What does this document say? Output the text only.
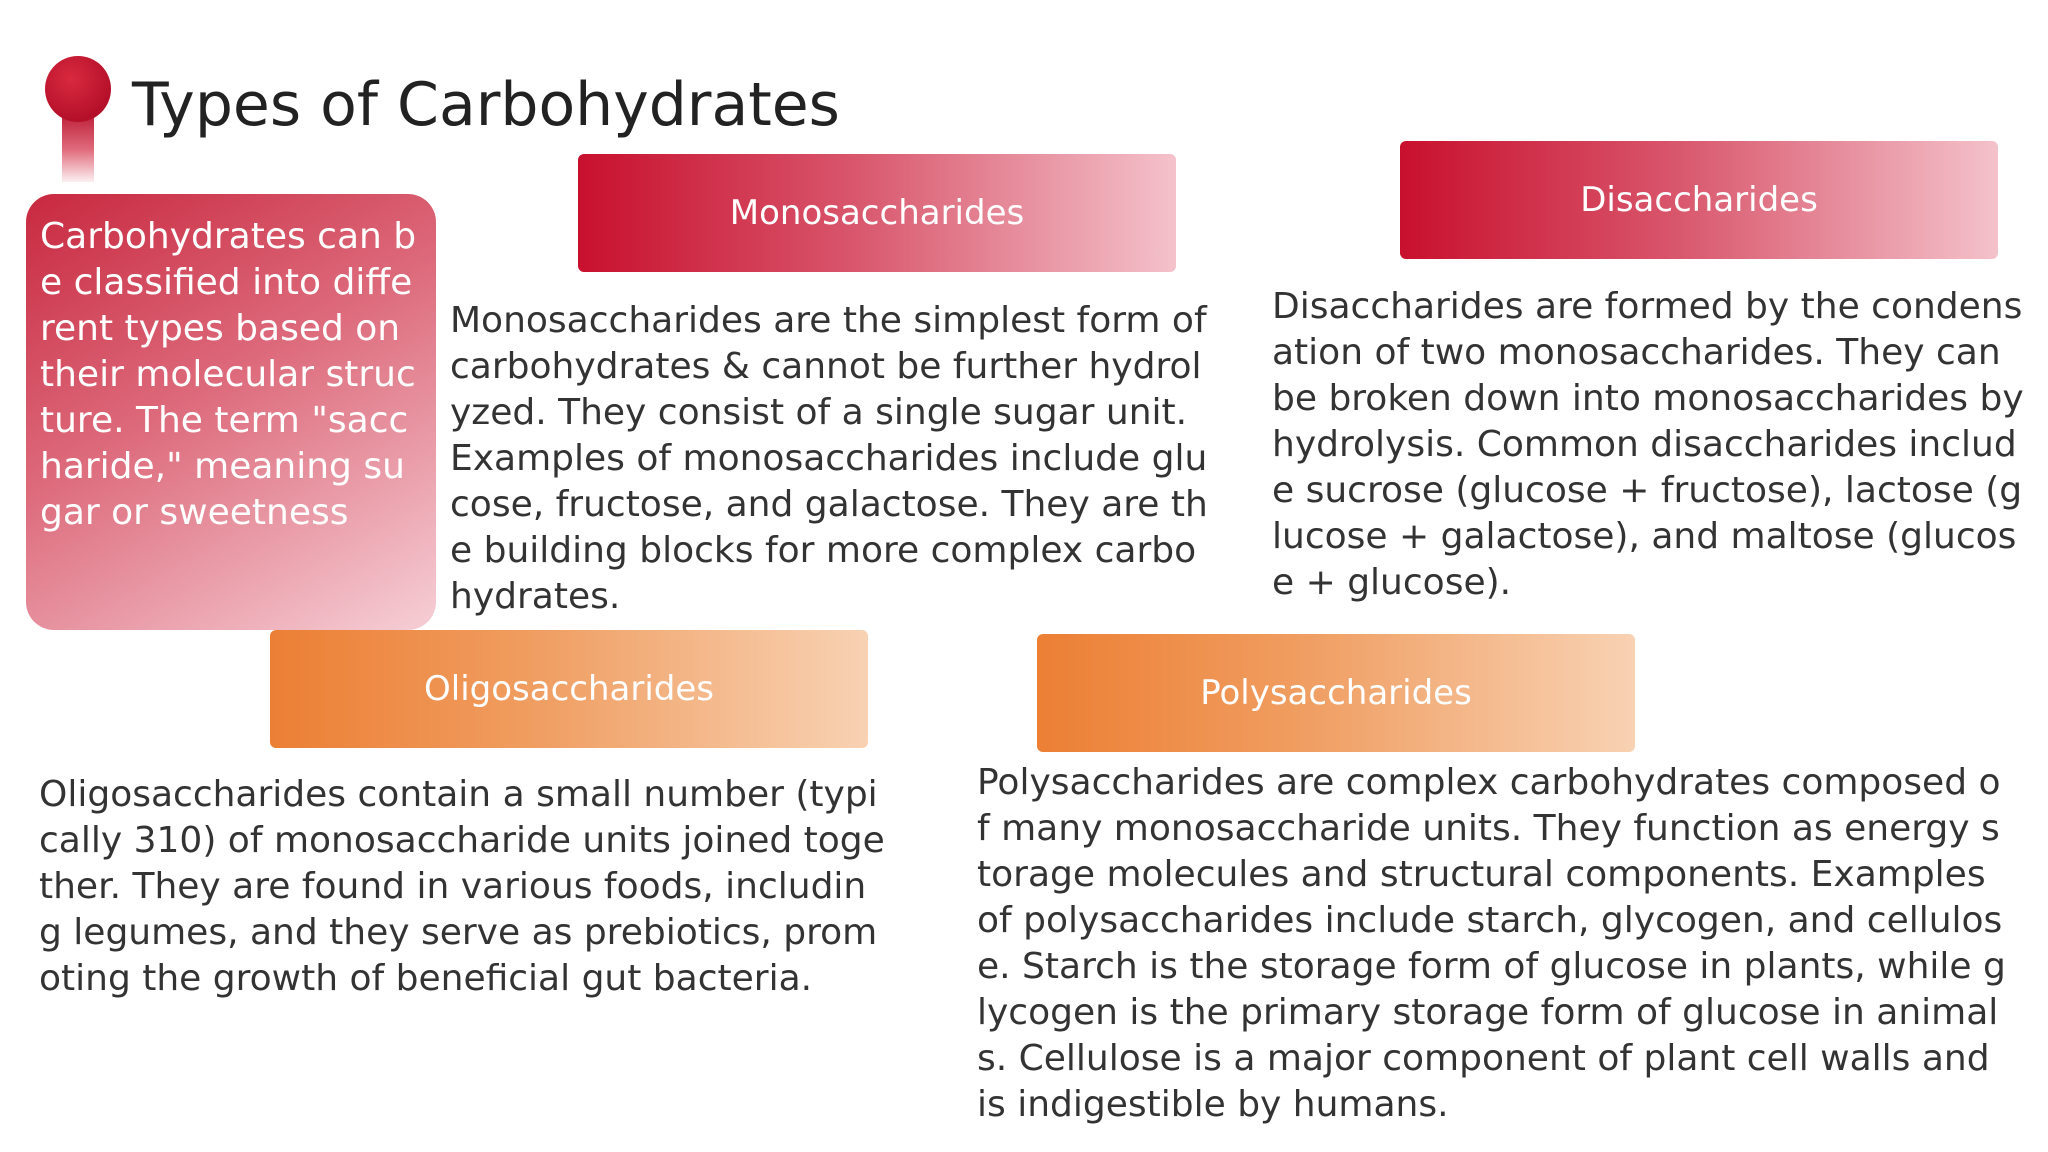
Types of Carbohydrates

Carbohydrates can be classified into different types based on their molecular structure. The term "saccharide," meaning sugar or sweetness

Monosaccharides

Monosaccharides are the simplest form of carbohydrates & cannot be further hydrolyzed. They consist of a single sugar unit. Examples of monosaccharides include glucose, fructose, and galactose. They are the building blocks for more complex carbohydrates.

Disaccharides

Disaccharides are formed by the condensation of two monosaccharides. They can be broken down into monosaccharides by hydrolysis. Common disaccharides include sucrose (glucose + fructose), lactose (glucose + galactose), and maltose (glucose + glucose).

Oligosaccharides

Oligosaccharides contain a small number (typically 310) of monosaccharide units joined together. They are found in various foods, including legumes, and they serve as prebiotics, promoting the growth of beneficial gut bacteria.

Polysaccharides

Polysaccharides are complex carbohydrates composed of many monosaccharide units. They function as energy storage molecules and structural components. Examples of polysaccharides include starch, glycogen, and cellulose. Starch is the storage form of glucose in plants, while glycogen is the primary storage form of glucose in animals. Cellulose is a major component of plant cell walls and is indigestible by humans.
